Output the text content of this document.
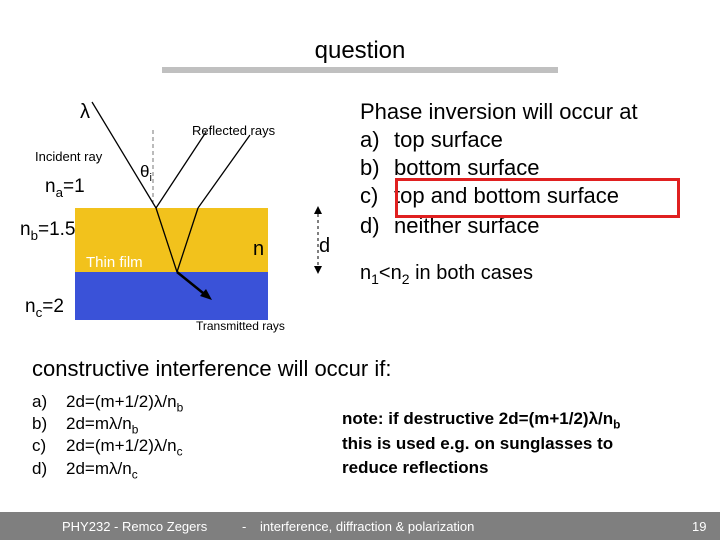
question
λ
Reflected rays
Incident ray
$\theta_i$
n	d
Thin film
Transmitted rays
$n_a=1$
$n_b=1.5$
$n_c=2$
Phase inversion will occur at
a) top surface
b) bottom surface
c) top and bottom surface
d) neither surface
$n_1<n_2$ in both cases
constructive interference will occur if:
a) $2d=(m+1/2)\lambda/n_b$
b) $2d=m\lambda/n_b$
c) $2d=(m+1/2)\lambda/n_c$
d) $2d=m\lambda/n_c$
note: if destructive $2d=(m+1/2)\lambda/n_b$
this is used e.g. on sunglasses to
reduce reflections
PHY232 - Remco Zegers	- interference, diffraction & polarization	19
